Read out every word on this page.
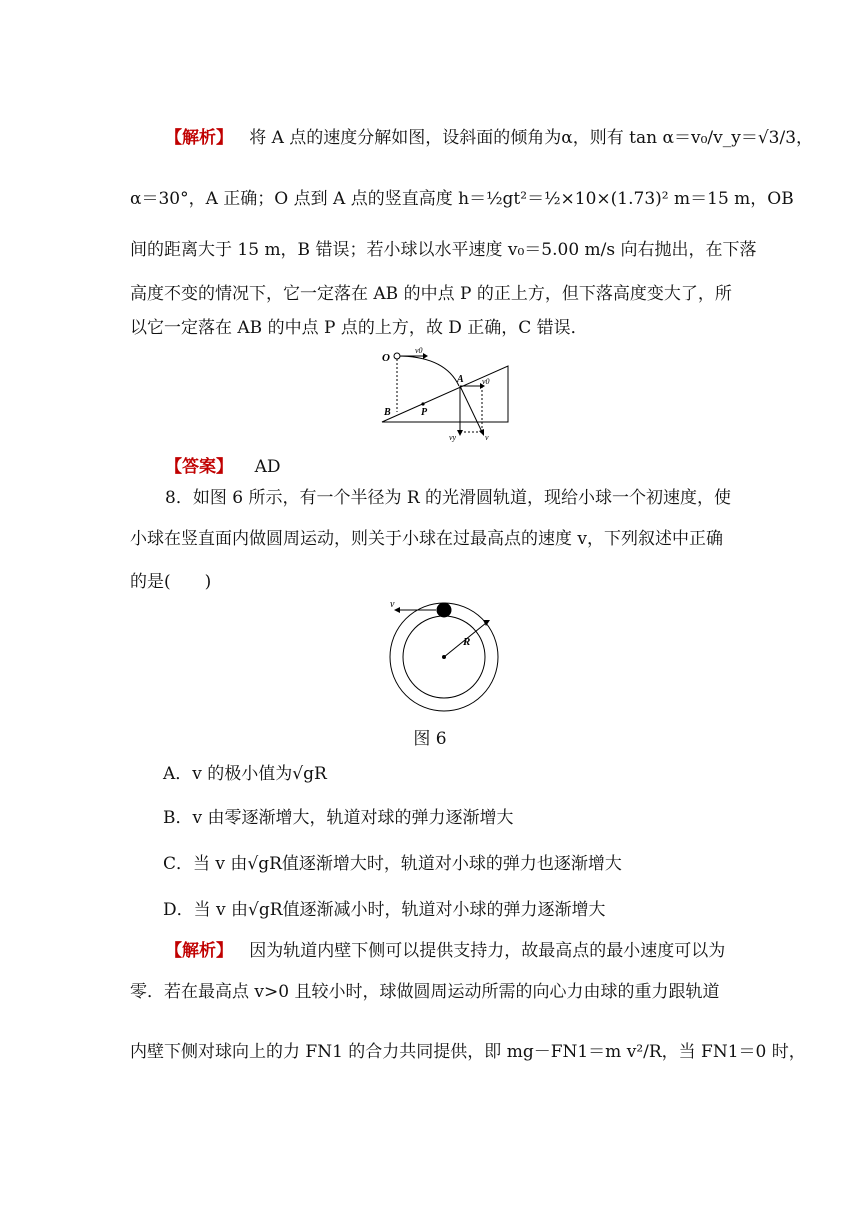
【解析】 将 A 点的速度分解如图，设斜面的倾角为α，则有 tan α＝v₀/v_y＝√3/3，
α＝30°，A 正确；O 点到 A 点的竖直高度 h＝½gt²＝½×10×(1.73)² m＝15 m，OB
间的距离大于 15 m，B 错误；若小球以水平速度 v₀＝5.00 m/s 向右抛出，在下落
高度不变的情况下，它一定落在 AB 的中点 P 的正上方，但下落高度变大了，所
以它一定落在 AB 的中点 P 点的上方，故 D 正确，C 错误．
O
v0
A v0
B	P
vy	v
【答案】 AD
8．如图 6 所示，有一个半径为 R 的光滑圆轨道，现给小球一个初速度，使
小球在竖直面内做圆周运动，则关于小球在过最高点的速度 v，下列叙述中正确
的是(　　)
v
R
图 6
A．v 的极小值为√gR
B．v 由零逐渐增大，轨道对球的弹力逐渐增大
C．当 v 由√gR值逐渐增大时，轨道对小球的弹力也逐渐增大
D．当 v 由√gR值逐渐减小时，轨道对小球的弹力逐渐增大
【解析】 因为轨道内壁下侧可以提供支持力，故最高点的最小速度可以为
零．若在最高点 v>0 且较小时，球做圆周运动所需的向心力由球的重力跟轨道
内壁下侧对球向上的力 FN1 的合力共同提供，即 mg－FN1＝m v²/R，当 FN1＝0 时，
